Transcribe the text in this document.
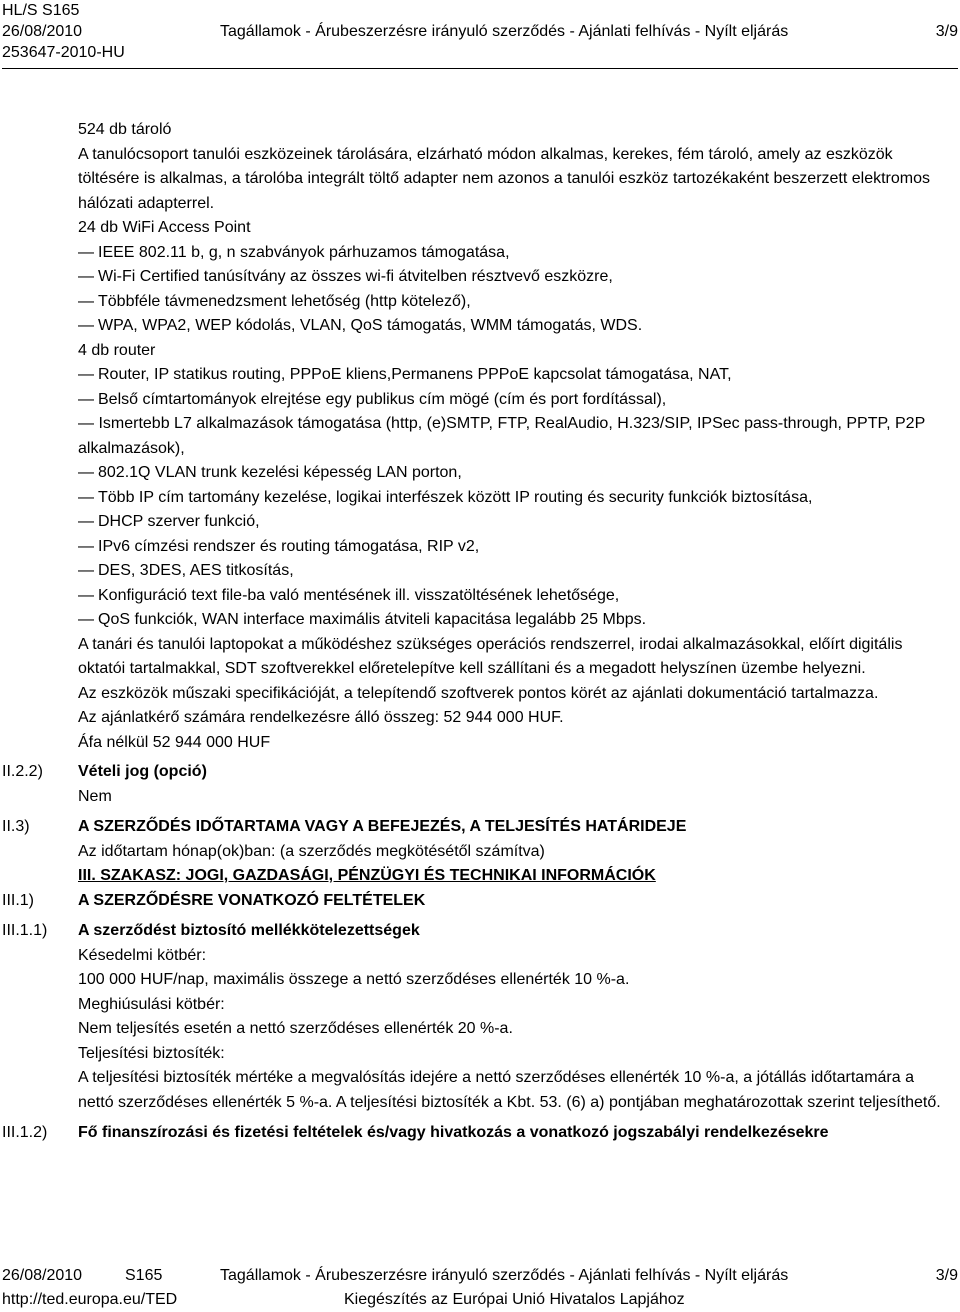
HL/S S165
26/08/2010	Tagállamok - Árubeszerzésre irányuló szerződés - Ajánlati felhívás - Nyílt eljárás	3/9
253647-2010-HU

524 db tároló

A tanulócsoport tanulói eszközeinek tárolására, elzárható módon alkalmas, kerekes, fém tároló, amely az eszközök töltésére is alkalmas, a tárolóba integrált töltő adapter nem azonos a tanulói eszköz tartozékaként beszerzett elektromos hálózati adapterrel.

24 db WiFi Access Point

— IEEE 802.11 b, g, n szabványok párhuzamos támogatása,
— Wi-Fi Certified tanúsítvány az összes wi-fi átvitelben résztvevő eszközre,
— Többféle távmenedzsment lehetőség (http kötelező),
— WPA, WPA2, WEP kódolás, VLAN, QoS támogatás, WMM támogatás, WDS.

4 db router

— Router, IP statikus routing, PPPoE kliens,Permanens PPPoE kapcsolat támogatása, NAT,
— Belső címtartományok elrejtése egy publikus cím mögé (cím és port fordítással),
— Ismertebb L7 alkalmazások támogatása (http, (e)SMTP, FTP, RealAudio, H.323/SIP, IPSec pass-through, PPTP, P2P alkalmazások),
— 802.1Q VLAN trunk kezelési képesség LAN porton,
— Több IP cím tartomány kezelése, logikai interfészek között IP routing és security funkciók biztosítása,
— DHCP szerver funkció,
— IPv6 címzési rendszer és routing támogatása, RIP v2,
— DES, 3DES, AES titkosítás,
— Konfiguráció text file-ba való mentésének ill. visszatöltésének lehetősége,
— QoS funkciók, WAN interface maximális átviteli kapacitása legalább 25 Mbps.

A tanári és tanulói laptopokat a működéshez szükséges operációs rendszerrel, irodai alkalmazásokkal, előírt digitális oktatói tartalmakkal, SDT szoftverekkel előretelepítve kell szállítani és a megadott helyszínen üzembe helyezni.

Az eszközök műszaki specifikációját, a telepítendő szoftverek pontos körét az ajánlati dokumentáció tartalmazza.

Az ajánlatkérő számára rendelkezésre álló összeg: 52 944 000 HUF.

Áfa nélkül 52 944 000 HUF

II.2.2) Vételi jog (opció)

Nem

II.3)	A SZERZŐDÉS IDŐTARTAMA VAGY A BEFEJEZÉS, A TELJESÍTÉS HATÁRIDEJE

Az időtartam hónap(ok)ban: (a szerződés megkötésétől számítva)

III. SZAKASZ: JOGI, GAZDASÁGI, PÉNZÜGYI ÉS TECHNIKAI INFORMÁCIÓK

III.1)	A SZERZŐDÉSRE VONATKOZÓ FELTÉTELEK

III.1.1) A szerződést biztosító mellékkötelezettségek

Késedelmi kötbér:

100 000 HUF/nap, maximális összege a nettó szerződéses ellenérték 10 %-a.

Meghiúsulási kötbér:

Nem teljesítés esetén a nettó szerződéses ellenérték 20 %-a.

Teljesítési biztosíték:

A teljesítési biztosíték mértéke a megvalósítás idejére a nettó szerződéses ellenérték 10 %-a, a jótállás időtartamára a nettó szerződéses ellenérték 5 %-a. A teljesítési biztosíték a Kbt. 53. (6) a) pontjában meghatározottak szerint teljesíthető.

III.1.2) Fő finanszírozási és fizetési feltételek és/vagy hivatkozás a vonatkozó jogszabályi rendelkezésekre

26/08/2010	S165	Tagállamok - Árubeszerzésre irányuló szerződés - Ajánlati felhívás - Nyílt eljárás	3/9
http://ted.europa.eu/TED	Kiegészítés az Európai Unió Hivatalos Lapjához
